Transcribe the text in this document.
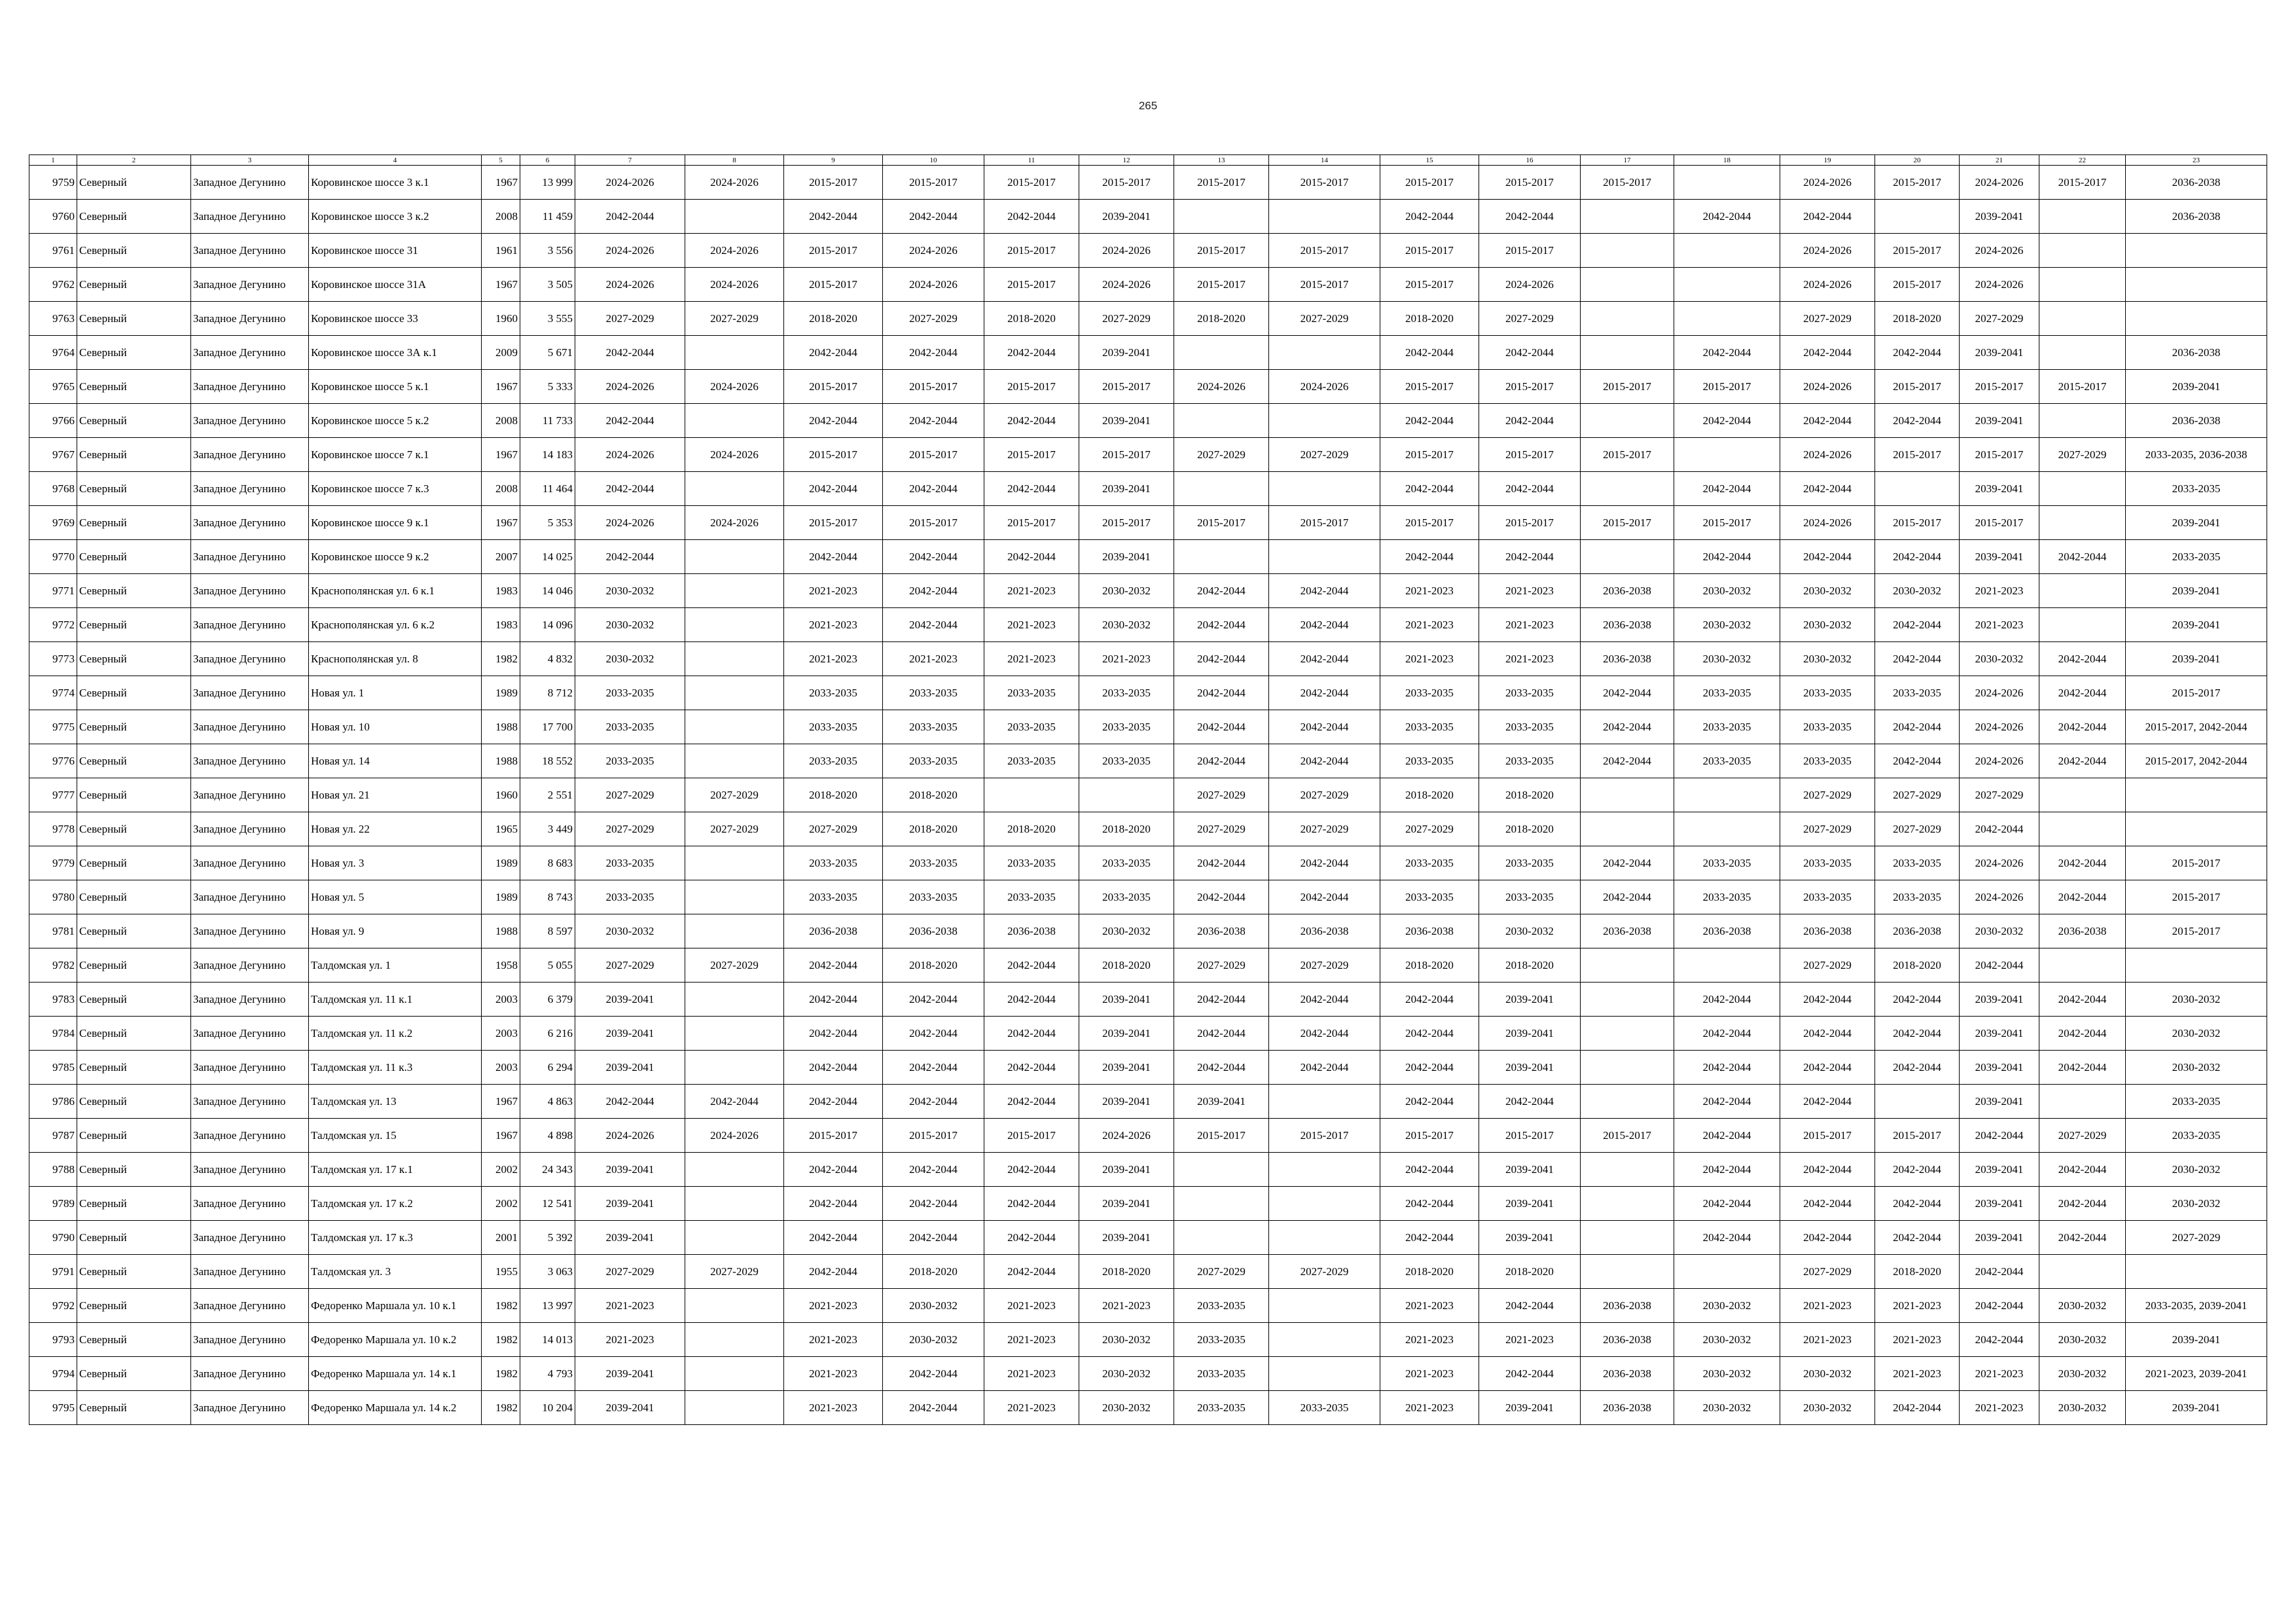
265
1	2	3	4	5	6	7	8	9	10	11	12	13	14	15	16	17	18	19	20	21	22	23
9759	Северный	Западное Дегунино	Коровинское шоссе 3 к.1	1967	13 999	2024-2026	2024-2026	2015-2017	2015-2017	2015-2017	2015-2017	2015-2017	2015-2017	2015-2017	2015-2017	2015-2017		2024-2026	2015-2017	2024-2026	2015-2017	2036-2038
9760	Северный	Западное Дегунино	Коровинское шоссе 3 к.2	2008	11 459	2042-2044		2042-2044	2042-2044	2042-2044	2039-2041			2042-2044	2042-2044		2042-2044	2042-2044		2039-2041		2036-2038
9761	Северный	Западное Дегунино	Коровинское шоссе 31	1961	3 556	2024-2026	2024-2026	2015-2017	2024-2026	2015-2017	2024-2026	2015-2017	2015-2017	2015-2017	2015-2017			2024-2026	2015-2017	2024-2026		
9762	Северный	Западное Дегунино	Коровинское шоссе 31А	1967	3 505	2024-2026	2024-2026	2015-2017	2024-2026	2015-2017	2024-2026	2015-2017	2015-2017	2015-2017	2024-2026			2024-2026	2015-2017	2024-2026		
9763	Северный	Западное Дегунино	Коровинское шоссе 33	1960	3 555	2027-2029	2027-2029	2018-2020	2027-2029	2018-2020	2027-2029	2018-2020	2027-2029	2018-2020	2027-2029			2027-2029	2018-2020	2027-2029		
9764	Северный	Западное Дегунино	Коровинское шоссе 3А к.1	2009	5 671	2042-2044		2042-2044	2042-2044	2042-2044	2039-2041			2042-2044	2042-2044		2042-2044	2042-2044	2042-2044	2039-2041		2036-2038
9765	Северный	Западное Дегунино	Коровинское шоссе 5 к.1	1967	5 333	2024-2026	2024-2026	2015-2017	2015-2017	2015-2017	2015-2017	2024-2026	2024-2026	2015-2017	2015-2017	2015-2017	2015-2017	2024-2026	2015-2017	2015-2017	2015-2017	2039-2041
9766	Северный	Западное Дегунино	Коровинское шоссе 5 к.2	2008	11 733	2042-2044		2042-2044	2042-2044	2042-2044	2039-2041			2042-2044	2042-2044		2042-2044	2042-2044	2042-2044	2039-2041		2036-2038
9767	Северный	Западное Дегунино	Коровинское шоссе 7 к.1	1967	14 183	2024-2026	2024-2026	2015-2017	2015-2017	2015-2017	2015-2017	2027-2029	2027-2029	2015-2017	2015-2017	2015-2017		2024-2026	2015-2017	2015-2017	2027-2029	2033-2035, 2036-2038
9768	Северный	Западное Дегунино	Коровинское шоссе 7 к.3	2008	11 464	2042-2044		2042-2044	2042-2044	2042-2044	2039-2041			2042-2044	2042-2044		2042-2044	2042-2044		2039-2041		2033-2035
9769	Северный	Западное Дегунино	Коровинское шоссе 9 к.1	1967	5 353	2024-2026	2024-2026	2015-2017	2015-2017	2015-2017	2015-2017	2015-2017	2015-2017	2015-2017	2015-2017	2015-2017	2015-2017	2024-2026	2015-2017	2015-2017		2039-2041
9770	Северный	Западное Дегунино	Коровинское шоссе 9 к.2	2007	14 025	2042-2044		2042-2044	2042-2044	2042-2044	2039-2041			2042-2044	2042-2044		2042-2044	2042-2044	2042-2044	2039-2041	2042-2044	2033-2035
9771	Северный	Западное Дегунино	Краснополянская ул. 6 к.1	1983	14 046	2030-2032		2021-2023	2042-2044	2021-2023	2030-2032	2042-2044	2042-2044	2021-2023	2021-2023	2036-2038	2030-2032	2030-2032	2030-2032	2021-2023		2039-2041
9772	Северный	Западное Дегунино	Краснополянская ул. 6 к.2	1983	14 096	2030-2032		2021-2023	2042-2044	2021-2023	2030-2032	2042-2044	2042-2044	2021-2023	2021-2023	2036-2038	2030-2032	2030-2032	2042-2044	2021-2023		2039-2041
9773	Северный	Западное Дегунино	Краснополянская ул. 8	1982	4 832	2030-2032		2021-2023	2021-2023	2021-2023	2021-2023	2042-2044	2042-2044	2021-2023	2021-2023	2036-2038	2030-2032	2030-2032	2042-2044	2030-2032	2042-2044	2039-2041
9774	Северный	Западное Дегунино	Новая ул. 1	1989	8 712	2033-2035		2033-2035	2033-2035	2033-2035	2033-2035	2042-2044	2042-2044	2033-2035	2033-2035	2042-2044	2033-2035	2033-2035	2033-2035	2024-2026	2042-2044	2015-2017
9775	Северный	Западное Дегунино	Новая ул. 10	1988	17 700	2033-2035		2033-2035	2033-2035	2033-2035	2033-2035	2042-2044	2042-2044	2033-2035	2033-2035	2042-2044	2033-2035	2033-2035	2042-2044	2024-2026	2042-2044	2015-2017, 2042-2044
9776	Северный	Западное Дегунино	Новая ул. 14	1988	18 552	2033-2035		2033-2035	2033-2035	2033-2035	2033-2035	2042-2044	2042-2044	2033-2035	2033-2035	2042-2044	2033-2035	2033-2035	2042-2044	2024-2026	2042-2044	2015-2017, 2042-2044
9777	Северный	Западное Дегунино	Новая ул. 21	1960	2 551	2027-2029	2027-2029	2018-2020	2018-2020			2027-2029	2027-2029	2018-2020	2018-2020			2027-2029	2027-2029	2027-2029		
9778	Северный	Западное Дегунино	Новая ул. 22	1965	3 449	2027-2029	2027-2029	2027-2029	2018-2020	2018-2020	2018-2020	2027-2029	2027-2029	2027-2029	2018-2020			2027-2029	2027-2029	2042-2044		
9779	Северный	Западное Дегунино	Новая ул. 3	1989	8 683	2033-2035		2033-2035	2033-2035	2033-2035	2033-2035	2042-2044	2042-2044	2033-2035	2033-2035	2042-2044	2033-2035	2033-2035	2033-2035	2024-2026	2042-2044	2015-2017
9780	Северный	Западное Дегунино	Новая ул. 5	1989	8 743	2033-2035		2033-2035	2033-2035	2033-2035	2033-2035	2042-2044	2042-2044	2033-2035	2033-2035	2042-2044	2033-2035	2033-2035	2033-2035	2024-2026	2042-2044	2015-2017
9781	Северный	Западное Дегунино	Новая ул. 9	1988	8 597	2030-2032		2036-2038	2036-2038	2036-2038	2030-2032	2036-2038	2036-2038	2036-2038	2030-2032	2036-2038	2036-2038	2036-2038	2036-2038	2030-2032	2036-2038	2015-2017
9782	Северный	Западное Дегунино	Талдомская ул. 1	1958	5 055	2027-2029	2027-2029	2042-2044	2018-2020	2042-2044	2018-2020	2027-2029	2027-2029	2018-2020	2018-2020			2027-2029	2018-2020	2042-2044		
9783	Северный	Западное Дегунино	Талдомская ул. 11 к.1	2003	6 379	2039-2041		2042-2044	2042-2044	2042-2044	2039-2041	2042-2044	2042-2044	2042-2044	2039-2041		2042-2044	2042-2044	2042-2044	2039-2041	2042-2044	2030-2032
9784	Северный	Западное Дегунино	Талдомская ул. 11 к.2	2003	6 216	2039-2041		2042-2044	2042-2044	2042-2044	2039-2041	2042-2044	2042-2044	2042-2044	2039-2041		2042-2044	2042-2044	2042-2044	2039-2041	2042-2044	2030-2032
9785	Северный	Западное Дегунино	Талдомская ул. 11 к.3	2003	6 294	2039-2041		2042-2044	2042-2044	2042-2044	2039-2041	2042-2044	2042-2044	2042-2044	2039-2041		2042-2044	2042-2044	2042-2044	2039-2041	2042-2044	2030-2032
9786	Северный	Западное Дегунино	Талдомская ул. 13	1967	4 863	2042-2044	2042-2044	2042-2044	2042-2044	2042-2044	2039-2041	2039-2041		2042-2044	2042-2044		2042-2044	2042-2044		2039-2041		2033-2035
9787	Северный	Западное Дегунино	Талдомская ул. 15	1967	4 898	2024-2026	2024-2026	2015-2017	2015-2017	2015-2017	2024-2026	2015-2017	2015-2017	2015-2017	2015-2017	2015-2017	2042-2044	2015-2017	2015-2017	2042-2044	2027-2029	2033-2035
9788	Северный	Западное Дегунино	Талдомская ул. 17 к.1	2002	24 343	2039-2041		2042-2044	2042-2044	2042-2044	2039-2041			2042-2044	2039-2041		2042-2044	2042-2044	2042-2044	2039-2041	2042-2044	2030-2032
9789	Северный	Западное Дегунино	Талдомская ул. 17 к.2	2002	12 541	2039-2041		2042-2044	2042-2044	2042-2044	2039-2041			2042-2044	2039-2041		2042-2044	2042-2044	2042-2044	2039-2041	2042-2044	2030-2032
9790	Северный	Западное Дегунино	Талдомская ул. 17 к.3	2001	5 392	2039-2041		2042-2044	2042-2044	2042-2044	2039-2041			2042-2044	2039-2041		2042-2044	2042-2044	2042-2044	2039-2041	2042-2044	2027-2029
9791	Северный	Западное Дегунино	Талдомская ул. 3	1955	3 063	2027-2029	2027-2029	2042-2044	2018-2020	2042-2044	2018-2020	2027-2029	2027-2029	2018-2020	2018-2020			2027-2029	2018-2020	2042-2044		
9792	Северный	Западное Дегунино	Федоренко Маршала ул. 10 к.1	1982	13 997	2021-2023		2021-2023	2030-2032	2021-2023	2021-2023	2033-2035		2021-2023	2042-2044	2036-2038	2030-2032	2021-2023	2021-2023	2042-2044	2030-2032	2033-2035, 2039-2041
9793	Северный	Западное Дегунино	Федоренко Маршала ул. 10 к.2	1982	14 013	2021-2023		2021-2023	2030-2032	2021-2023	2030-2032	2033-2035		2021-2023	2021-2023	2036-2038	2030-2032	2021-2023	2021-2023	2042-2044	2030-2032	2039-2041
9794	Северный	Западное Дегунино	Федоренко Маршала ул. 14 к.1	1982	4 793	2039-2041		2021-2023	2042-2044	2021-2023	2030-2032	2033-2035		2021-2023	2042-2044	2036-2038	2030-2032	2030-2032	2021-2023	2021-2023	2030-2032	2021-2023, 2039-2041
9795	Северный	Западное Дегунино	Федоренко Маршала ул. 14 к.2	1982	10 204	2039-2041		2021-2023	2042-2044	2021-2023	2030-2032	2033-2035	2033-2035	2021-2023	2039-2041	2036-2038	2030-2032	2030-2032	2042-2044	2021-2023	2030-2032	2039-2041
